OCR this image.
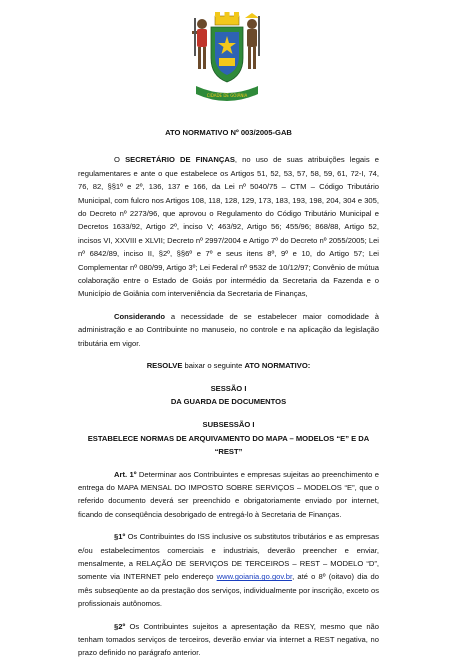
CIDADE DE GOIÂNIA

ATO NORMATIVO Nº 003/2005-GAB

O SECRETÁRIO DE FINANÇAS, no uso de suas atribuições legais e regulamentares e ante o que estabelece os Artigos 51, 52, 53, 57, 58, 59, 61, 72-I, 74, 76, 82, §§1º e 2º, 136, 137 e 166, da Lei nº 5040/75 – CTM – Código Tributário Municipal, com fulcro nos Artigos 108, 118, 128, 129, 173, 183, 193, 198, 204, 304 e 305, do Decreto nº 2273/96, que aprovou o Regulamento do Código Tributário Municipal e Decretos 1633/92, Artigo 2º, inciso V; 463/92, Artigo 56; 455/96; 868/88, Artigo 52, incisos VI, XXVIII e XLVII; Decreto nº 2997/2004 e Artigo 7º do Decreto nº 2055/2005; Lei nº 6842/89, inciso II, §2º, §§6º e 7º e seus itens 8º, 9º e 10, do Artigo 57; Lei Complementar nº 080/99, Artigo 3º; Lei Federal nº 9532 de 10/12/97; Convênio de mútua colaboração entre o Estado de Goiás por intermédio da Secretaria da Fazenda e o Município de Goiânia com interveniência da Secretaria de Finanças,

Considerando a necessidade de se estabelecer maior comodidade à administração e ao Contribuinte no manuseio, no controle e na aplicação da legislação tributária em vigor.

RESOLVE baixar o seguinte ATO NORMATIVO:

SESSÃO I

DA GUARDA DE DOCUMENTOS

SUBSESSÃO I

ESTABELECE NORMAS DE ARQUIVAMENTO DO MAPA – MODELOS “E” E DA “REST”

Art. 1º Determinar aos Contribuintes e empresas sujeitas ao preenchimento e entrega do MAPA MENSAL DO IMPOSTO SOBRE SERVIÇOS – MODELOS “E”, que o referido documento deverá ser preenchido e obrigatoriamente enviado por internet, ficando de conseqüência desobrigado de entregá-lo à Secretaria de Finanças.

§1º Os Contribuintes do ISS inclusive os substitutos tributários e as empresas e/ou estabelecimentos comerciais e industriais, deverão preencher e enviar, mensalmente, a RELAÇÃO DE SERVIÇOS DE TERCEIROS – REST – MODELO “D”, somente via INTERNET pelo endereço www.goiania.go.gov.br, até o 8º (oitavo) dia do mês subseqüente ao da prestação dos serviços, individualmente por inscrição, exceto os profissionais autônomos.

§2º Os Contribuintes sujeitos a apresentação da RESY, mesmo que não tenham tomados serviços de terceiros, deverão enviar via internet a REST negativa, no prazo definido no parágrafo anterior.
